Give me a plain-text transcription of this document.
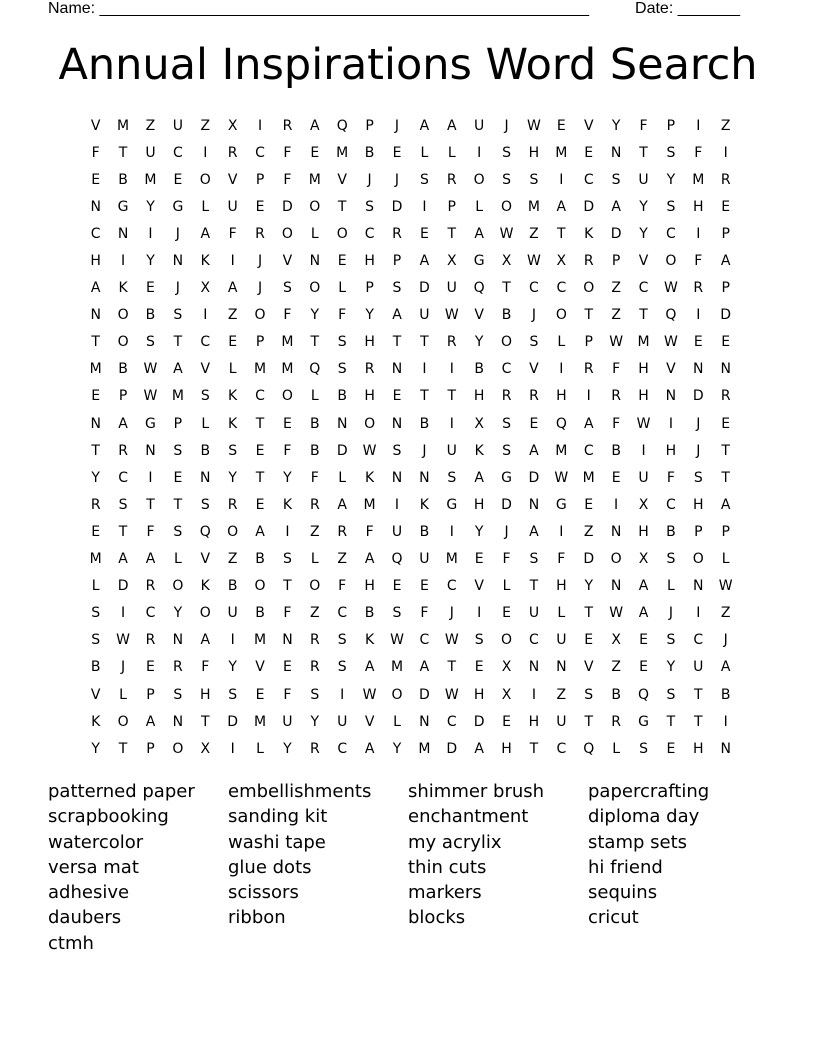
Name: _______________________________________________________	Date: _______
Annual Inspirations Word Search
V	M	Z	U	Z	X	I	R	A	Q	P	J	A	A	U	J	W	E	V	Y	F	P	I	Z
F	T	U	C	I	R	C	F	E	M	B	E	L	L	I	S	H	M	E	N	T	S	F	I
E	B	M	E	O	V	P	F	M	V	J	J	S	R	O	S	S	I	C	S	U	Y	M	R
N	G	Y	G	L	U	E	D	O	T	S	D	I	P	L	O	M	A	D	A	Y	S	H	E
C	N	I	J	A	F	R	O	L	O	C	R	E	T	A	W	Z	T	K	D	Y	C	I	P
H	I	Y	N	K	I	J	V	N	E	H	P	A	X	G	X	W	X	R	P	V	O	F	A
A	K	E	J	X	A	J	S	O	L	P	S	D	U	Q	T	C	C	O	Z	C	W	R	P
N	O	B	S	I	Z	O	F	Y	F	Y	A	U	W	V	B	J	O	T	Z	T	Q	I	D
T	O	S	T	C	E	P	M	T	S	H	T	T	R	Y	O	S	L	P	W	M	W	E	E
M	B	W	A	V	L	M	M	Q	S	R	N	I	I	B	C	V	I	R	F	H	V	N	N
E	P	W	M	S	K	C	O	L	B	H	E	T	T	H	R	R	H	I	R	H	N	D	R
N	A	G	P	L	K	T	E	B	N	O	N	B	I	X	S	E	Q	A	F	W	I	J	E
T	R	N	S	B	S	E	F	B	D	W	S	J	U	K	S	A	M	C	B	I	H	J	T
Y	C	I	E	N	Y	T	Y	F	L	K	N	N	S	A	G	D	W	M	E	U	F	S	T
R	S	T	T	S	R	E	K	R	A	M	I	K	G	H	D	N	G	E	I	X	C	H	A
E	T	F	S	Q	O	A	I	Z	R	F	U	B	I	Y	J	A	I	Z	N	H	B	P	P
M	A	A	L	V	Z	B	S	L	Z	A	Q	U	M	E	F	S	F	D	O	X	S	O	L
L	D	R	O	K	B	O	T	O	F	H	E	E	C	V	L	T	H	Y	N	A	L	N	W
S	I	C	Y	O	U	B	F	Z	C	B	S	F	J	I	E	U	L	T	W	A	J	I	Z
S	W	R	N	A	I	M	N	R	S	K	W	C	W	S	O	C	U	E	X	E	S	C	J
B	J	E	R	F	Y	V	E	R	S	A	M	A	T	E	X	N	N	V	Z	E	Y	U	A
V	L	P	S	H	S	E	F	S	I	W	O	D	W	H	X	I	Z	S	B	Q	S	T	B
K	O	A	N	T	D	M	U	Y	U	V	L	N	C	D	E	H	U	T	R	G	T	T	I
Y	T	P	O	X	I	L	Y	R	C	A	Y	M	D	A	H	T	C	Q	L	S	E	H	N
patterned paper
scrapbooking
watercolor
versa mat
adhesive
daubers
ctmh
embellishments
sanding kit
washi tape
glue dots
scissors
ribbon
shimmer brush
enchantment
my acrylix
thin cuts
markers
blocks
papercrafting
diploma day
stamp sets
hi friend
sequins
cricut
